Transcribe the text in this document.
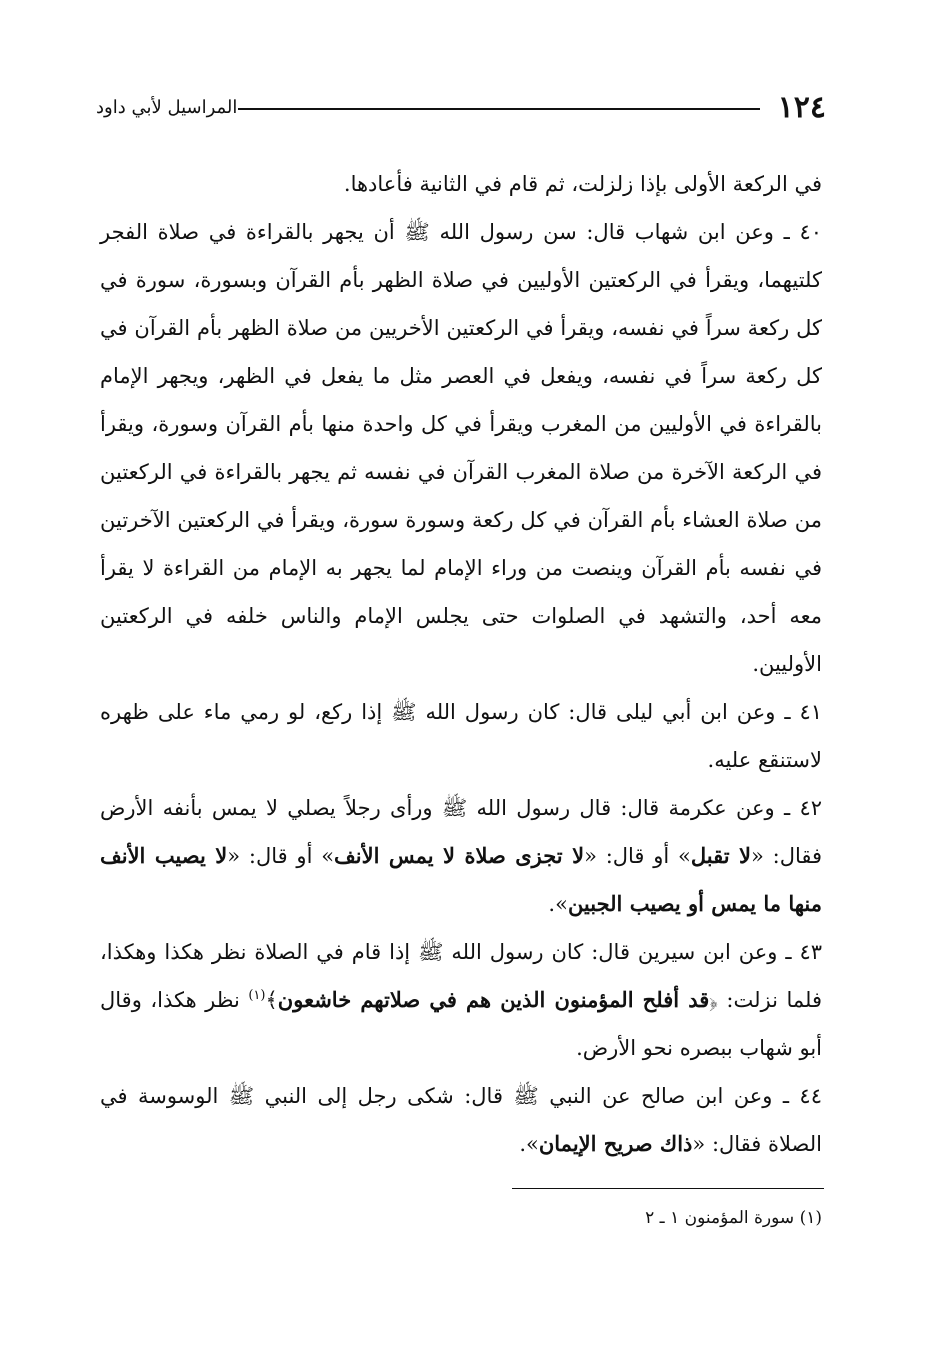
١٢٤
المراسيل لأبي داود

في الركعة الأولى بإذا زلزلت، ثم قام في الثانية فأعادها.

٤٠ ـ وعن ابن شهاب قال: سن رسول الله ﷺ أن يجهر بالقراءة في صلاة الفجر كلتيهما، ويقرأ في الركعتين الأوليين في صلاة الظهر بأم القرآن وبسورة، سورة في كل ركعة سراً في نفسه، ويقرأ في الركعتين الأخريين من صلاة الظهر بأم القرآن في كل ركعة سراً في نفسه، ويفعل في العصر مثل ما يفعل في الظهر، ويجهر الإمام بالقراءة في الأوليين من المغرب ويقرأ في كل واحدة منها بأم القرآن وسورة، ويقرأ في الركعة الآخرة من صلاة المغرب القرآن في نفسه ثم يجهر بالقراءة في الركعتين من صلاة العشاء بأم القرآن في كل ركعة وسورة سورة، ويقرأ في الركعتين الآخرتين في نفسه بأم القرآن وينصت من وراء الإمام لما يجهر به الإمام من القراءة لا يقرأ معه أحد، والتشهد في الصلوات حتى يجلس الإمام والناس خلفه في الركعتين الأوليين.

٤١ ـ وعن ابن أبي ليلى قال: كان رسول الله ﷺ إذا ركع، لو رمي ماء على ظهره لاستنقع عليه.

٤٢ ـ وعن عكرمة قال: قال رسول الله ﷺ ورأى رجلاً يصلي لا يمس بأنفه الأرض فقال: «لا تقبل» أو قال: «لا تجزى صلاة لا يمس الأنف» أو قال: «لا يصيب الأنف منها ما يمس أو يصيب الجبين».

٤٣ ـ وعن ابن سيرين قال: كان رسول الله ﷺ إذا قام في الصلاة نظر هكذا وهكذا، فلما نزلت: ﴿قد أفلح المؤمنون الذين هم في صلاتهم خاشعون﴾$^{(١)}$ نظر هكذا، وقال أبو شهاب ببصره نحو الأرض.

٤٤ ـ وعن ابن صالح عن النبي ﷺ قال: شكى رجل إلى النبي ﷺ الوسوسة في الصلاة فقال: «ذاك صريح الإيمان».

(١) سورة المؤمنون ١ ـ ٢
